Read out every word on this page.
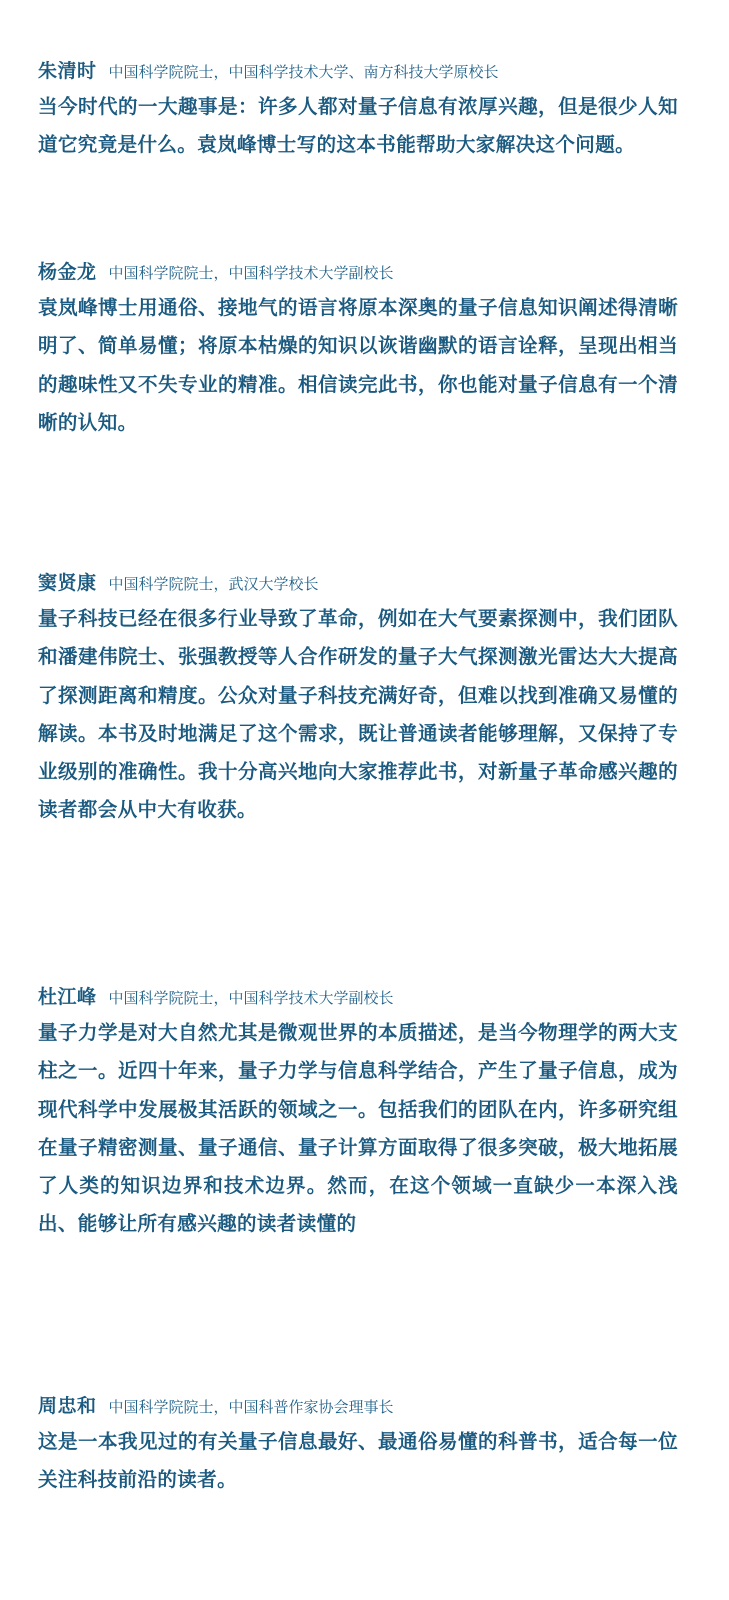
朱清时 中国科学院院士，中国科学技术大学、南方科技大学原校长
当今时代的一大趣事是：许多人都对量子信息有浓厚兴趣，但是很少人知道它究竟是什么。袁岚峰博士写的这本书能帮助大家解决这个问题。
杨金龙 中国科学院院士，中国科学技术大学副校长
袁岚峰博士用通俗、接地气的语言将原本深奥的量子信息知识阐述得清晰明了、简单易懂；将原本枯燥的知识以诙谐幽默的语言诠释，呈现出相当的趣味性又不失专业的精准。相信读完此书，你也能对量子信息有一个清晰的认知。
窦贤康 中国科学院院士，武汉大学校长
量子科技已经在很多行业导致了革命，例如在大气要素探测中，我们团队和潘建伟院士、张强教授等人合作研发的量子大气探测激光雷达大大提高了探测距离和精度。公众对量子科技充满好奇，但难以找到准确又易懂的解读。本书及时地满足了这个需求，既让普通读者能够理解，又保持了专业级别的准确性。我十分高兴地向大家推荐此书，对新量子革命感兴趣的读者都会从中大有收获。
杜江峰 中国科学院院士，中国科学技术大学副校长
量子力学是对大自然尤其是微观世界的本质描述，是当今物理学的两大支柱之一。近四十年来，量子力学与信息科学结合，产生了量子信息，成为现代科学中发展极其活跃的领域之一。包括我们的团队在内，许多研究组在量子精密测量、量子通信、量子计算方面取得了很多突破，极大地拓展了人类的知识边界和技术边界。然而，在这个领域一直缺少一本深入浅出、能够让所有感兴趣的读者读懂的
周忠和 中国科学院院士，中国科普作家协会理事长
这是一本我见过的有关量子信息最好、最通俗易懂的科普书，适合每一位关注科技前沿的读者。
